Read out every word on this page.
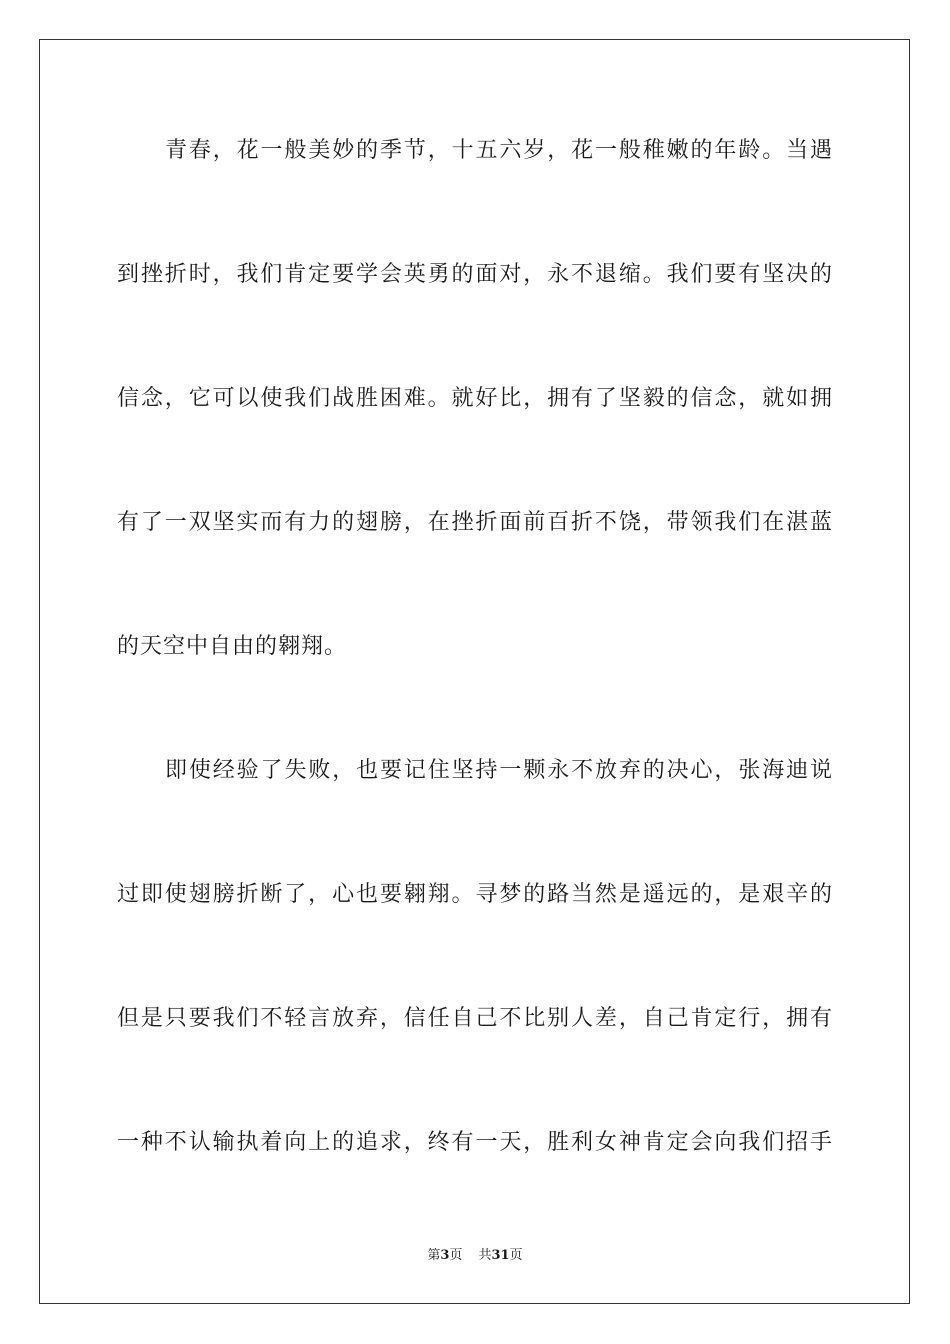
青春，花一般美妙的季节，十五六岁，花一般稚嫩的年龄。当遇
到挫折时，我们肯定要学会英勇的面对，永不退缩。我们要有坚决的
信念，它可以使我们战胜困难。就好比，拥有了坚毅的信念，就如拥
有了一双坚实而有力的翅膀，在挫折面前百折不饶，带领我们在湛蓝
的天空中自由的翱翔。
即使经验了失败，也要记住坚持一颗永不放弃的决心，张海迪说
过即使翅膀折断了，心也要翱翔。寻梦的路当然是遥远的，是艰辛的
但是只要我们不轻言放弃，信任自己不比别人差，自己肯定行，拥有
一种不认输执着向上的追求，终有一天，胜利女神肯定会向我们招手
第3页 共31页
